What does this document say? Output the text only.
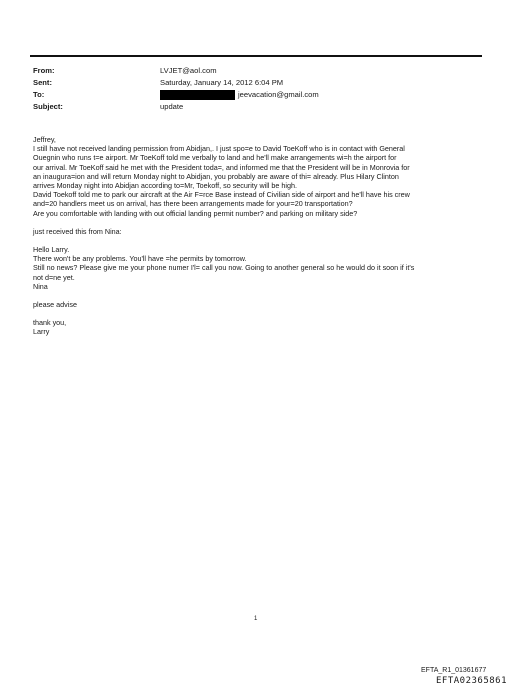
From:	LVJET@aol.com
Sent:	Saturday, January 14, 2012 6:04 PM
To:	jeevacation@gmail.com
Subject:	update
Jeffrey,
I still have not received landing permission from Abidjan,. I just spo=e to David ToeKoff who is in contact with General
Ouegnin who runs t=e airport. Mr ToeKoff told me verbally to land and he'll make arrangements wi=h the airport for
our arrival. Mr ToeKoff said he met with the President toda=, and informed me that the President will be in Monrovia for
an inaugura=ion and will return Monday night to Abidjan, you probably are aware of thi= already. Plus Hilary Clinton
arrives Monday night into Abidjan according to=Mr, Toekoff, so security will be high.
David Toekoff told me to park our aircraft at the Air F=rce Base instead of Civilian side of airport and he'll have his crew
and=20 handlers meet us on arrival, has there been arrangements made for your=20 transportation?
Are you comfortable with landing with out official landing permit number? and parking on military side?
just received this from Nina:
Hello Larry.
There won't be any problems. You'll have =he permits by tomorrow.
Still no news? Please give me your phone numer I'l= call you now. Going to another general so he would do it soon if it's
not d=ne yet.
Nina
please advise
thank you,
Larry
1
EFTA_R1_01361677
EFTA02365861
